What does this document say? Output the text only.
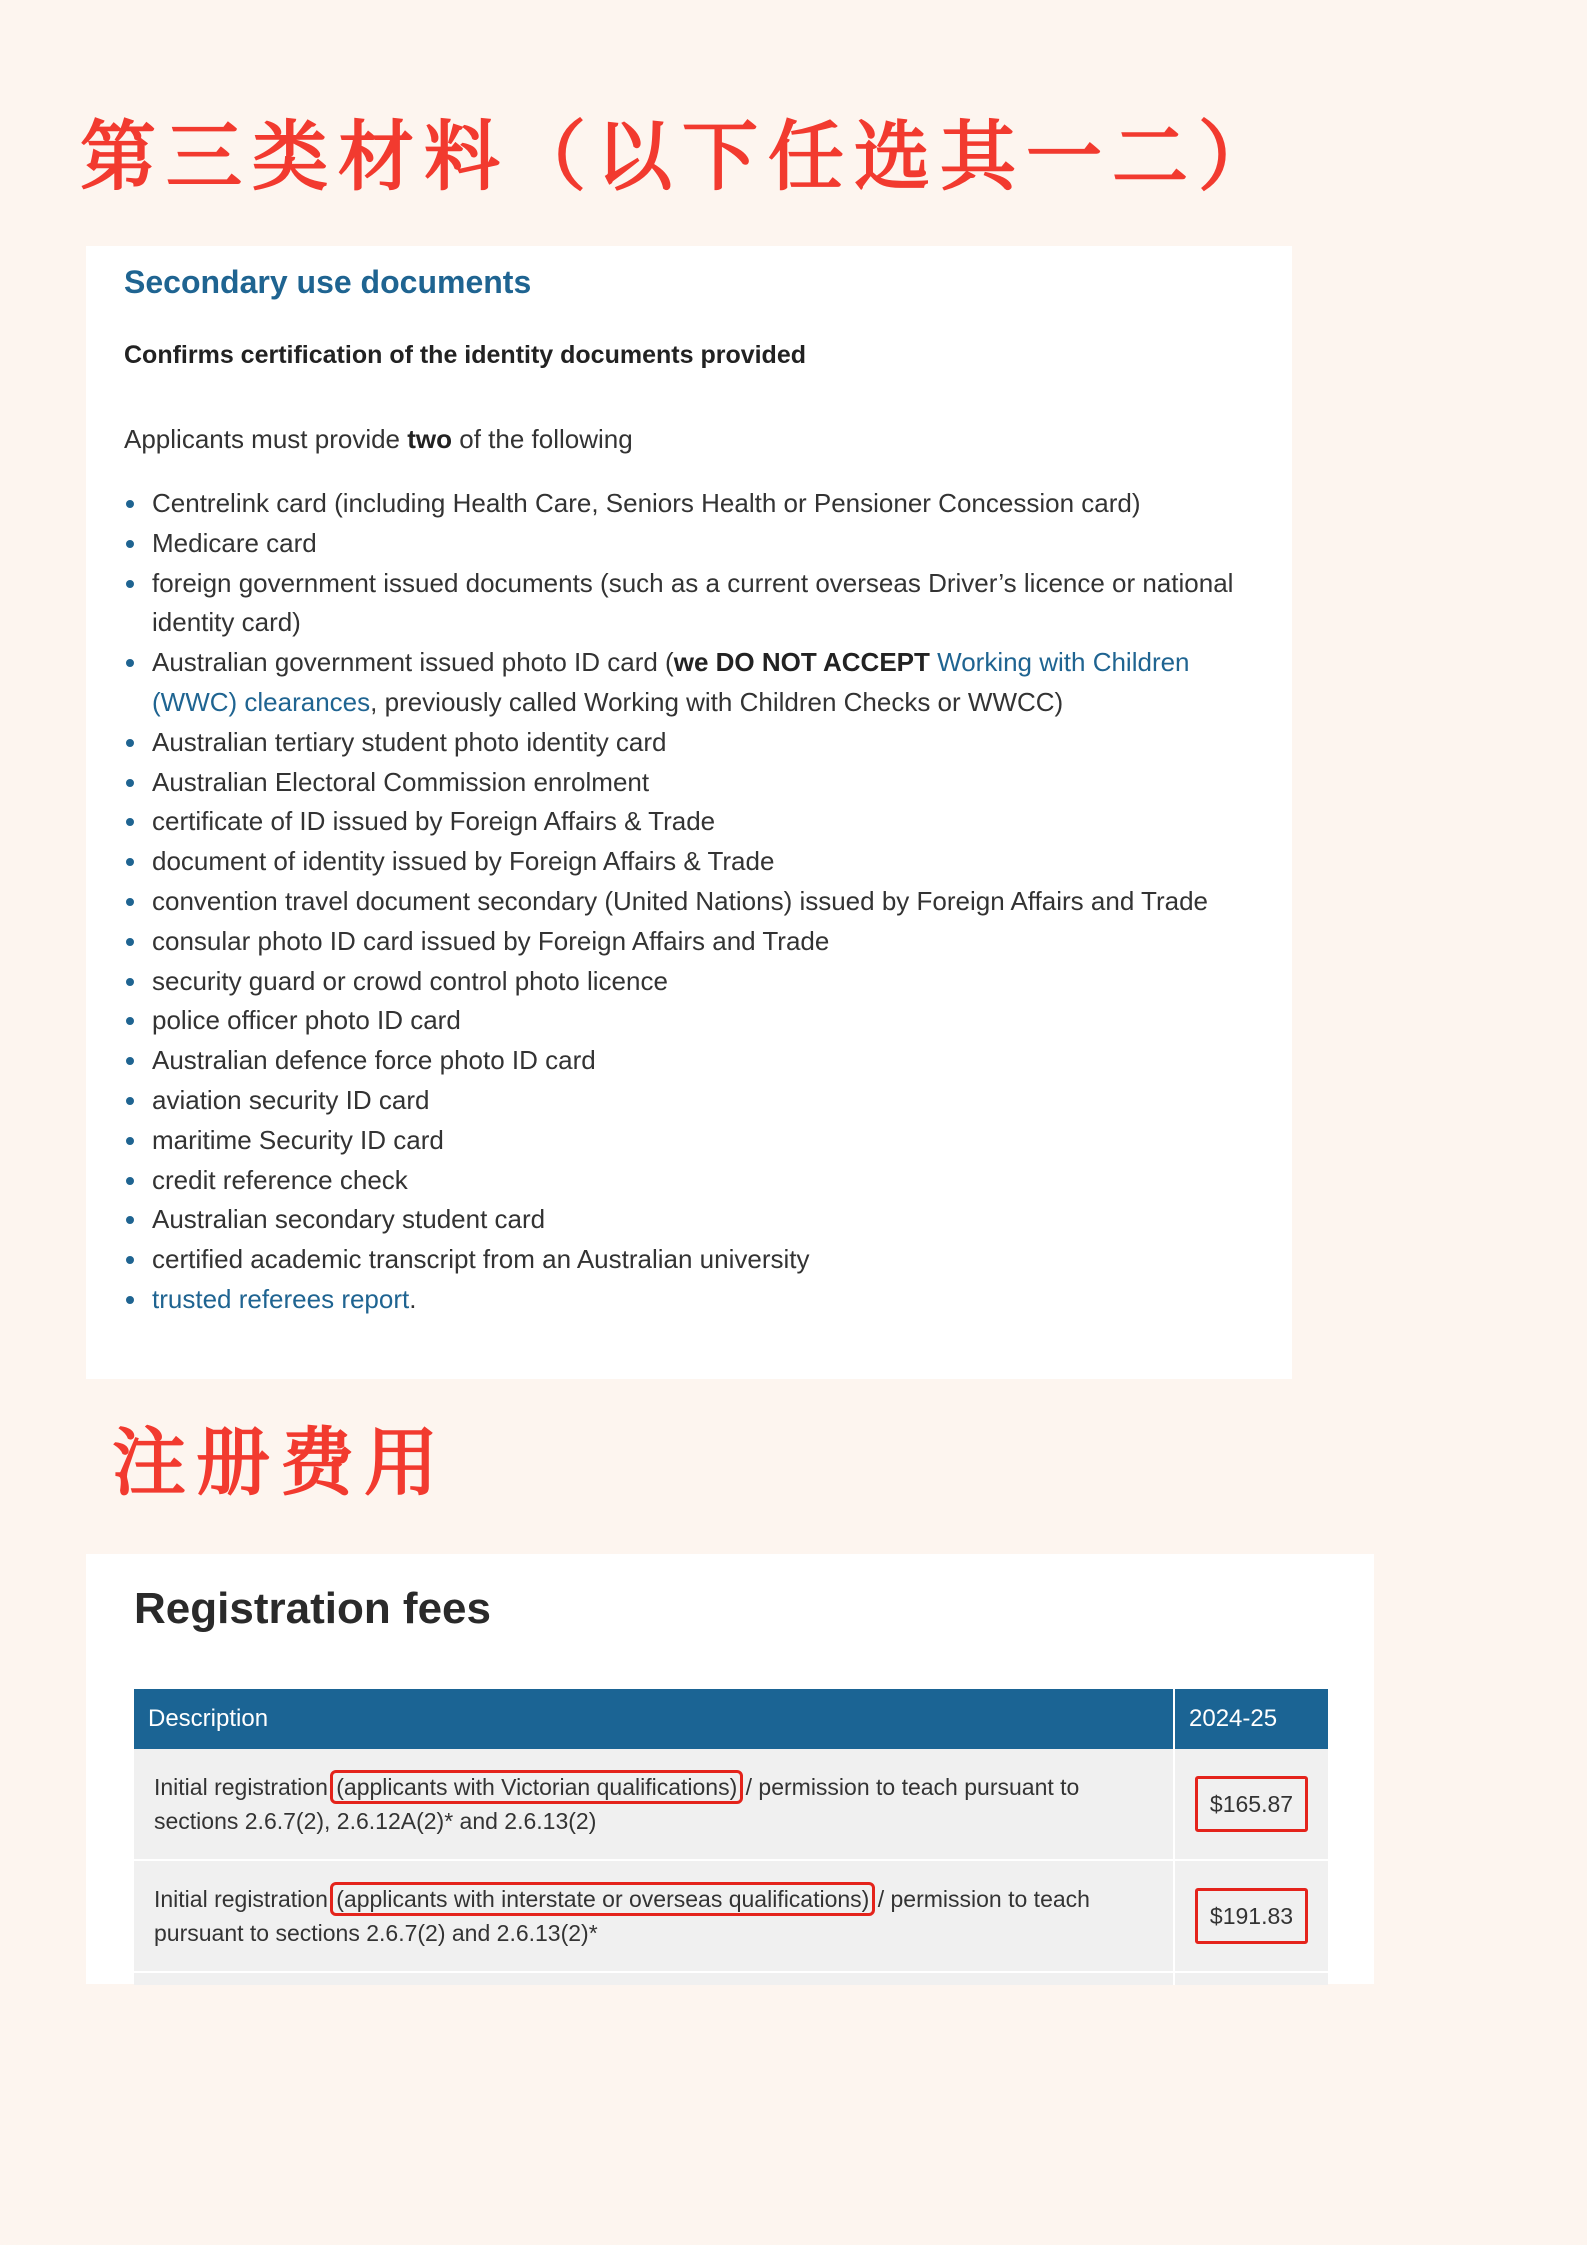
第三类材料（以下任选其一二）
Secondary use documents
Confirms certification of the identity documents provided
Applicants must provide two of the following
Centrelink card (including Health Care, Seniors Health or Pensioner Concession card)
Medicare card
foreign government issued documents (such as a current overseas Driver’s licence or national identity card)
Australian government issued photo ID card (we DO NOT ACCEPT Working with Children (WWC) clearances, previously called Working with Children Checks or WWCC)
Australian tertiary student photo identity card
Australian Electoral Commission enrolment
certificate of ID issued by Foreign Affairs & Trade
document of identity issued by Foreign Affairs & Trade
convention travel document secondary (United Nations) issued by Foreign Affairs and Trade
consular photo ID card issued by Foreign Affairs and Trade
security guard or crowd control photo licence
police officer photo ID card
Australian defence force photo ID card
aviation security ID card
maritime Security ID card
credit reference check
Australian secondary student card
certified academic transcript from an Australian university
trusted referees report.
注册费用
Registration fees
Description	2024-25
Initial registration (applicants with Victorian qualifications) / permission to teach pursuant to sections 2.6.7(2), 2.6.12A(2)* and 2.6.13(2)	$165.87
Initial registration (applicants with interstate or overseas qualifications) / permission to teach pursuant to sections 2.6.7(2) and 2.6.13(2)*	$191.83
